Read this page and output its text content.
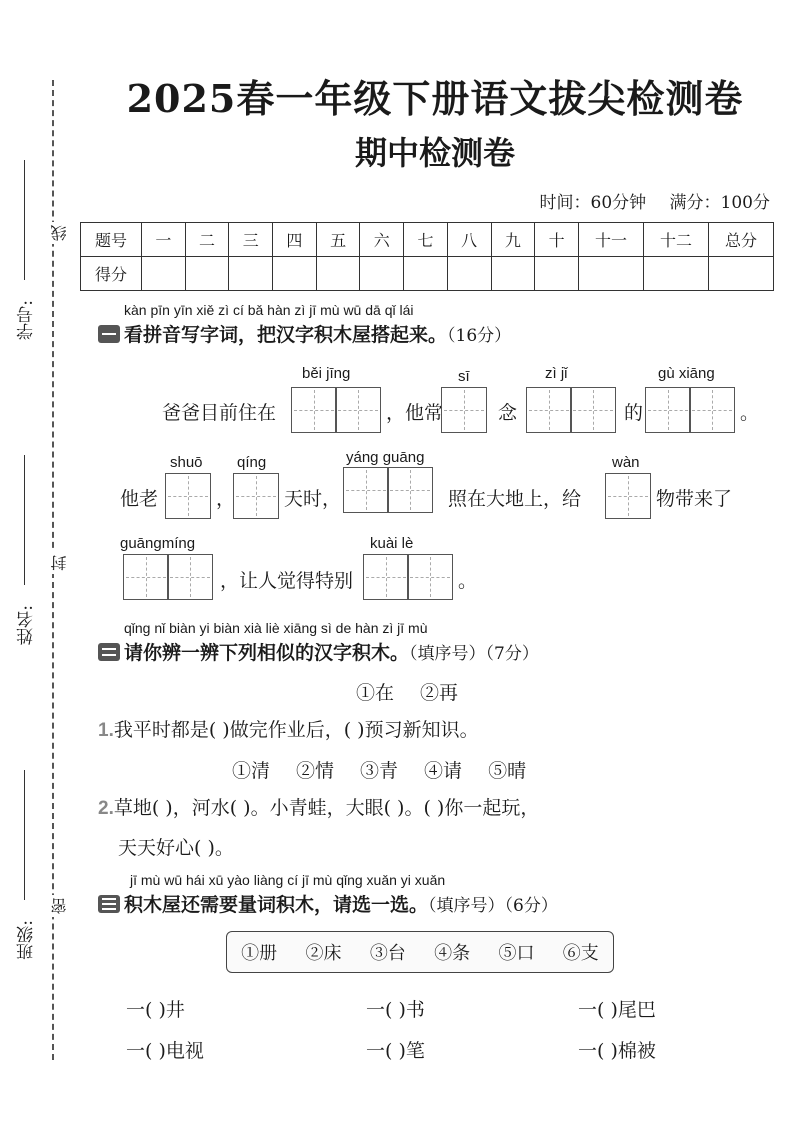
线
封
密
学号:
姓名:
班级:
2025春一年级下册语文拔尖检测卷
期中检测卷
时间：60分钟 满分：100分
题号	一	二	三	四	五	六	七	八	九	十	十一	十二	总分
得分													
kàn pīn yīn xiě zì cí bǎ hàn zì jī mù wū dā qǐ lái
看拼音写字词，把汉字积木屋搭起来。（16分）
běi jīng	sī	zì jǐ	gù xiāng
爸爸目前住在	，他常	念	的	。
shuō qíng	yáng guāng	wàn
他老	，	天时，	照在大地上，给	物带来了
guāngmíng	kuài lè
，让人觉得特别	。
qǐng nǐ biàn yi biàn xià liè xiāng sì de hàn zì jī mù
请你辨一辨下列相似的汉字积木。（填序号）（7分）
①在 ②再
1.我平时都是( )做完作业后，( )预习新知识。
①清 ②情 ③青 ④请 ⑤晴
2.草地( )，河水( )。小青蛙，大眼( )。( )你一起玩，
天天好心( )。
jī mù wū hái xū yào liàng cí jī mù qǐng xuǎn yi xuǎn
积木屋还需要量词积木，请选一选。（填序号）（6分）
①册 ②床 ③台 ④条 ⑤口 ⑥支
一( )井	一( )书	一( )尾巴
一( )电视	一( )笔	一( )棉被
